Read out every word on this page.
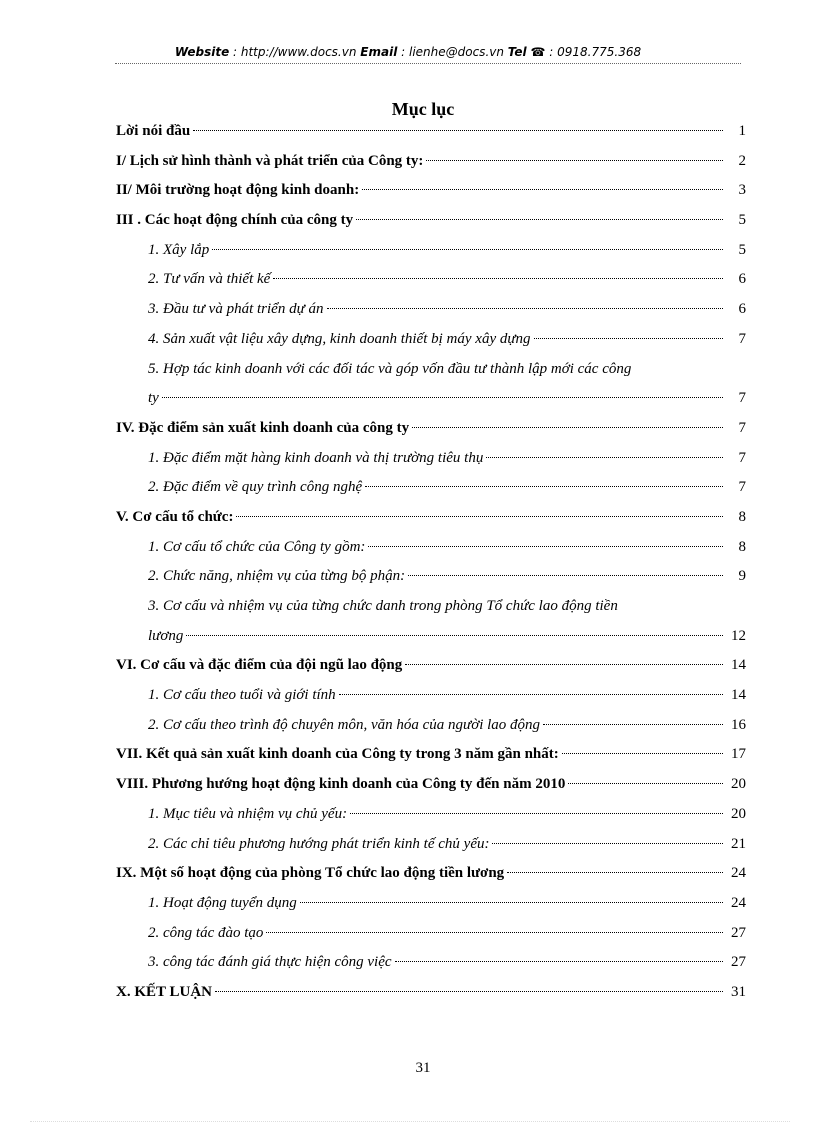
Website : http://www.docs.vn Email : lienhe@docs.vn Tel ☎ : 0918.775.368
Mục lục
Lời nói đầu	1
I/ Lịch sử hình thành và phát triển của Công ty:	2
II/ Môi trường hoạt động kinh doanh:	3
III . Các hoạt động chính của công ty	5
1. Xây lắp	5
2. Tư vấn và thiết kế	6
3. Đầu tư và phát triển dự án	6
4. Sản xuất vật liệu xây dựng, kinh doanh thiết bị máy xây dựng	7
5. Hợp tác kinh doanh với các đối tác và góp vốn đầu tư thành lập mới các công
ty	7
IV. Đặc điểm sản xuất kinh doanh của công ty	7
1. Đặc điểm mặt hàng kinh doanh và thị trường tiêu thụ	7
2. Đặc điểm về quy trình công nghệ	7
V. Cơ cấu tổ chức:	8
1. Cơ cấu tổ chức của Công ty gồm:	8
2. Chức năng, nhiệm vụ của từng bộ phận:	9
3. Cơ cấu và nhiệm vụ của từng chức danh trong phòng Tổ chức lao động tiền
lương	12
VI. Cơ cấu và đặc điểm của đội ngũ lao động	14
1. Cơ cấu theo tuổi và giới tính	14
2. Cơ cấu theo trình độ chuyên môn, văn hóa của người lao động	16
VII. Kết quả sản xuất kinh doanh của Công ty trong 3 năm gần nhất:	17
VIII. Phương hướng hoạt động kinh doanh của Công ty đến năm 2010	20
1. Mục tiêu và nhiệm vụ chủ yếu:	20
2. Các chỉ tiêu phương hướng phát triển kinh tế chủ yếu:	21
IX. Một số hoạt động của phòng Tổ chức lao động tiền lương	24
1. Hoạt động tuyển dụng	24
2. công tác đào tạo	27
3. công tác đánh giá thực hiện công việc	27
X. KẾT LUẬN	31
31
